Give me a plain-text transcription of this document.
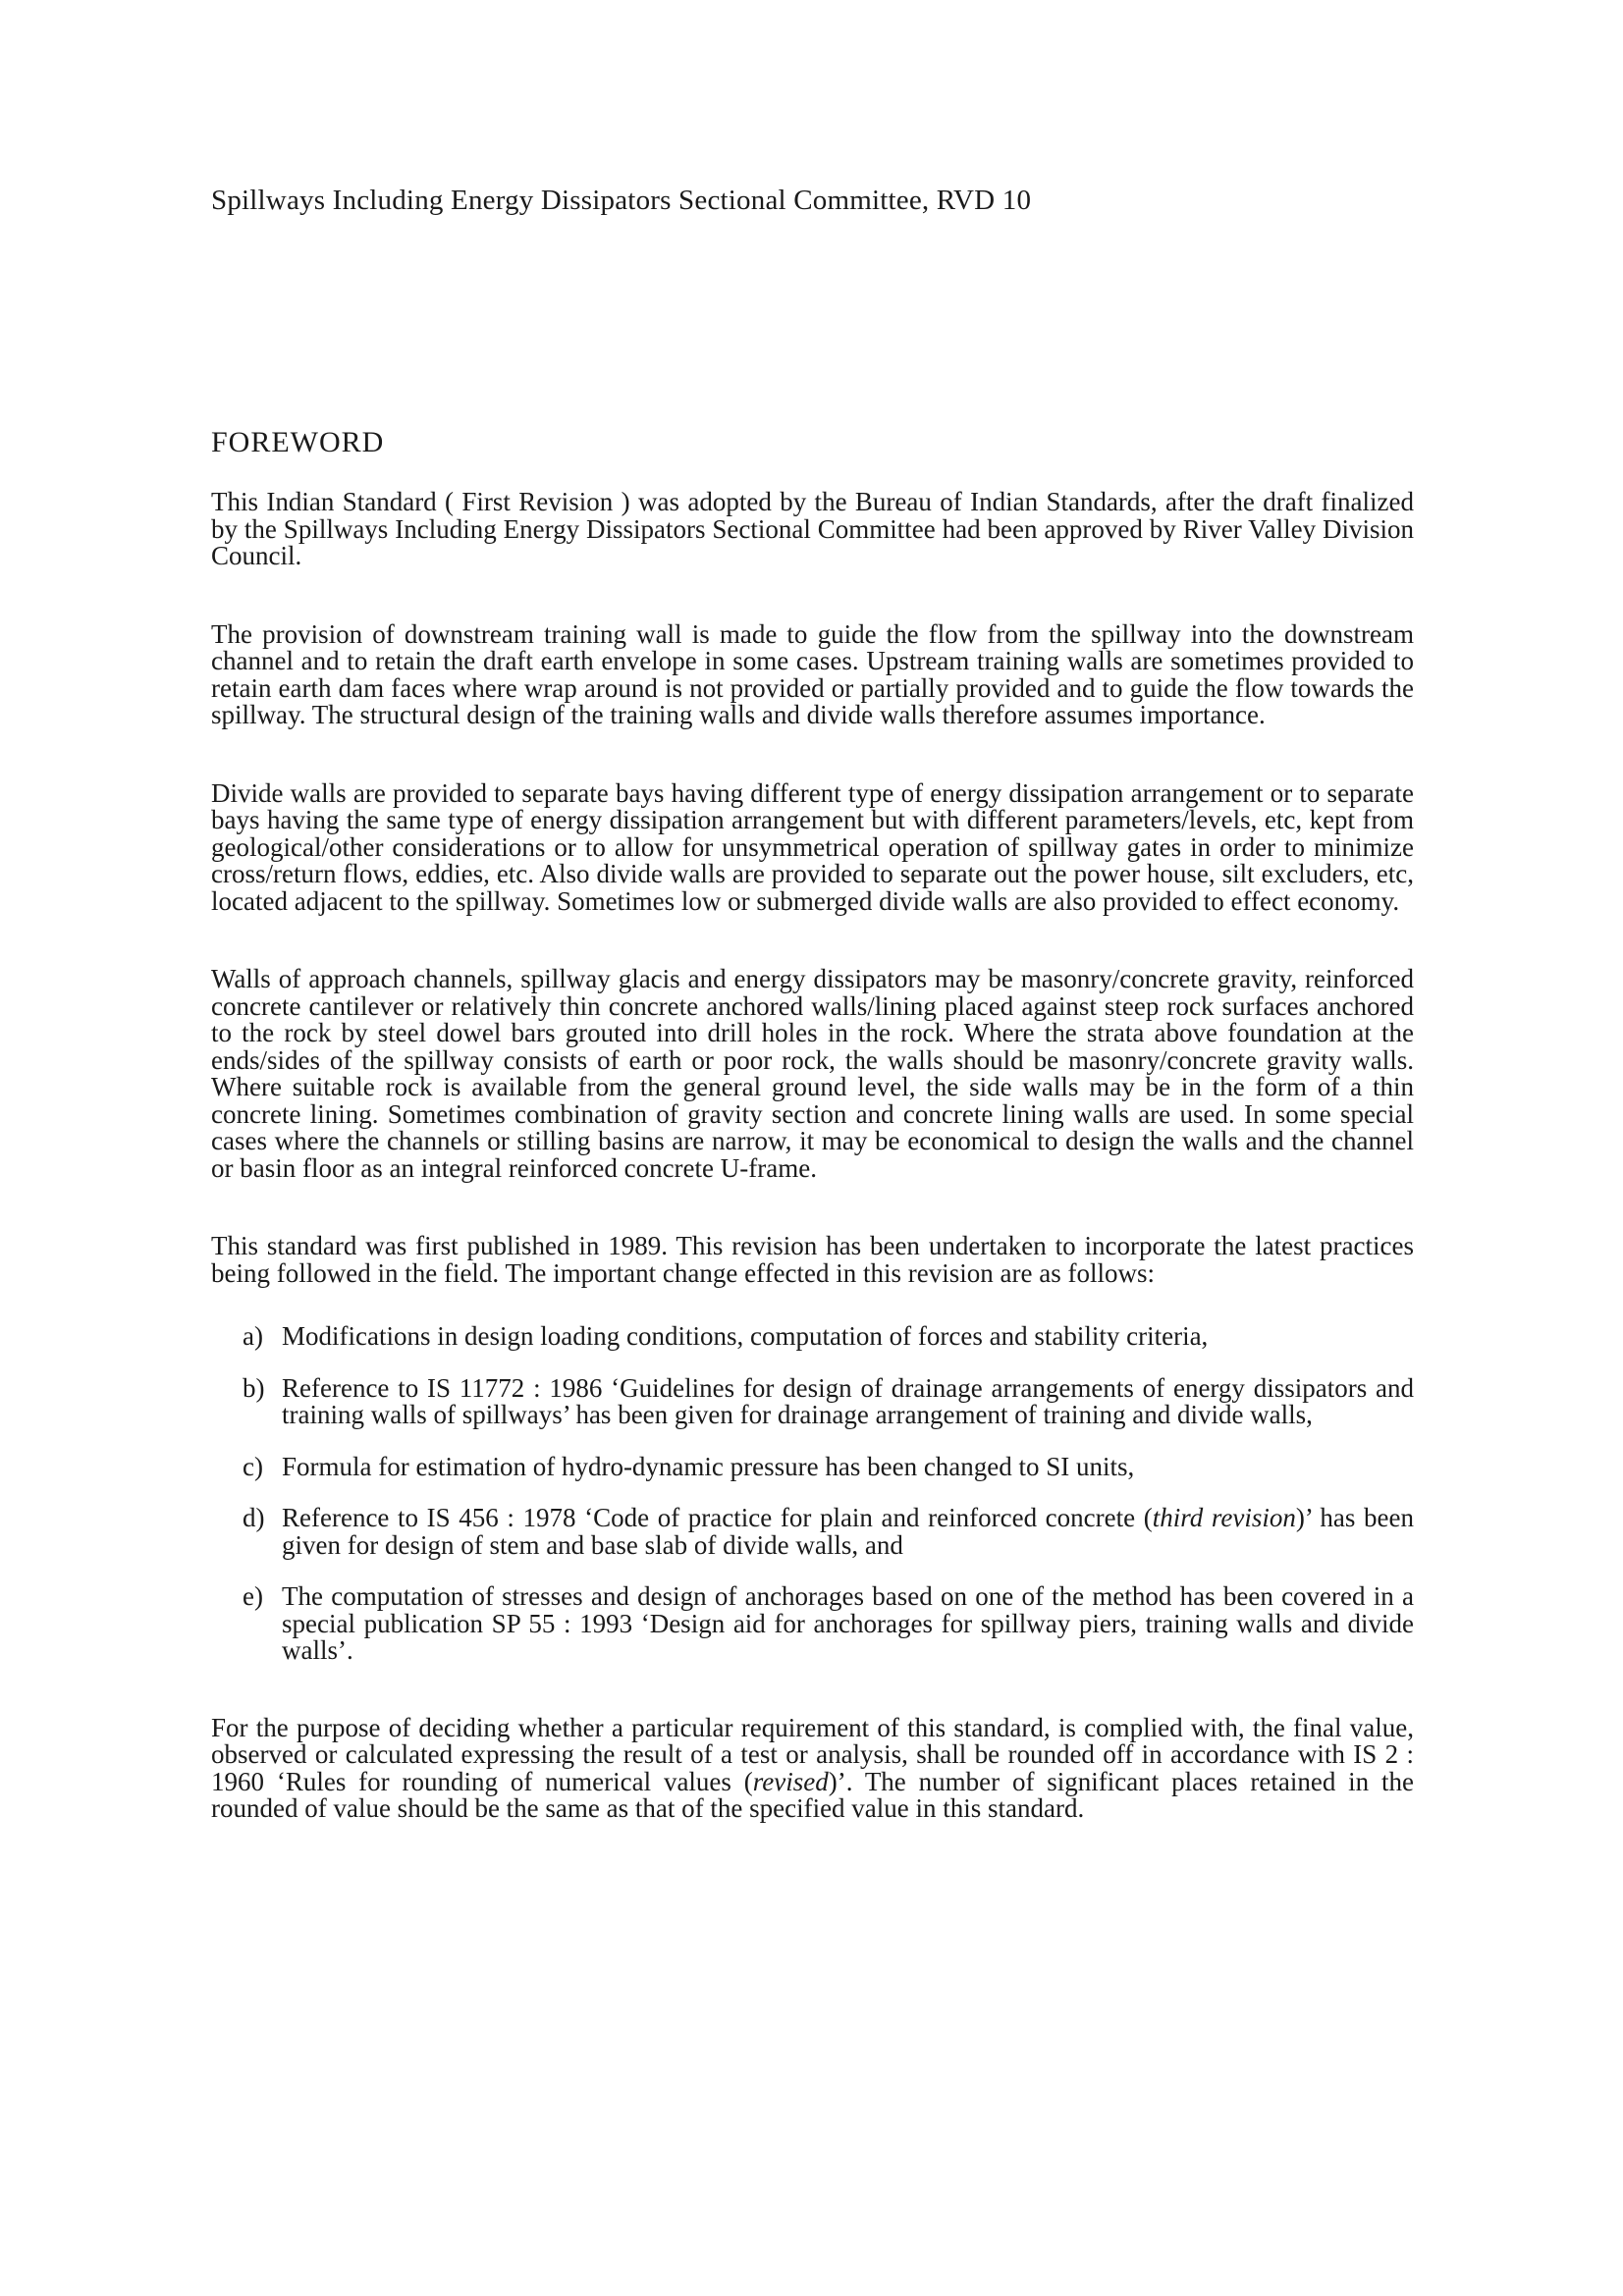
Spillways Including Energy Dissipators Sectional Committee, RVD 10
FOREWORD

This Indian Standard ( First Revision ) was adopted by the Bureau of Indian Standards, after the draft finalized by the Spillways Including Energy Dissipators Sectional Committee had been approved by River Valley Division Council.

The provision of downstream training wall is made to guide the flow from the spillway into the downstream channel and to retain the draft earth envelope in some cases. Upstream training walls are sometimes provided to retain earth dam faces where wrap around is not provided or partially provided and to guide the flow towards the spillway. The structural design of the training walls and divide walls therefore assumes importance.

Divide walls are provided to separate bays having different type of energy dissipation arrangement or to separate bays having the same type of energy dissipation arrangement but with different parameters/levels, etc, kept from geological/other considerations or to allow for unsymmetrical operation of spillway gates in order to minimize cross/return flows, eddies, etc. Also divide walls are provided to separate out the power house, silt excluders, etc, located adjacent to the spillway. Sometimes low or submerged divide walls are also provided to effect economy.

Walls of approach channels, spillway glacis and energy dissipators may be masonry/concrete gravity, reinforced concrete cantilever or relatively thin concrete anchored walls/lining placed against steep rock surfaces anchored to the rock by steel dowel bars grouted into drill holes in the rock. Where the strata above foundation at the ends/sides of the spillway consists of earth or poor rock, the walls should be masonry/concrete gravity walls. Where suitable rock is available from the general ground level, the side walls may be in the form of a thin concrete lining. Sometimes combination of gravity section and concrete lining walls are used. In some special cases where the channels or stilling basins are narrow, it may be economical to design the walls and the channel or basin floor as an integral reinforced concrete U-frame.

This standard was first published in 1989. This revision has been undertaken to incorporate the latest practices being followed in the field. The important change effected in this revision are as follows:

a) Modifications in design loading conditions, computation of forces and stability criteria,
b) Reference to IS 11772 : 1986 ‘Guidelines for design of drainage arrangements of energy dissipators and training walls of spillways’ has been given for drainage arrangement of training and divide walls,
c) Formula for estimation of hydro-dynamic pressure has been changed to SI units,
d) Reference to IS 456 : 1978 ‘Code of practice for plain and reinforced concrete (third revision)’ has been given for design of stem and base slab of divide walls, and
e) The computation of stresses and design of anchorages based on one of the method has been covered in a special publication SP 55 : 1993 ‘Design aid for anchorages for spillway piers, training walls and divide walls’.

For the purpose of deciding whether a particular requirement of this standard, is complied with, the final value, observed or calculated expressing the result of a test or analysis, shall be rounded off in accordance with IS 2 : 1960 ‘Rules for rounding of numerical values (revised)’. The number of significant places retained in the rounded of value should be the same as that of the specified value in this standard.
